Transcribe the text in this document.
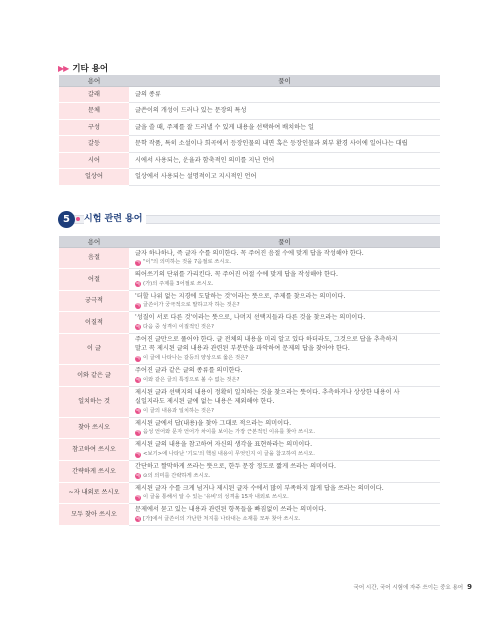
▶▶ 기타 용어
용어	풀이
갈래	글의 종류
문체	글쓴이의 개성이 드러나 있는 문장의 특성
구성	글을 쓸 때, 주제를 잘 드러낼 수 있게 내용을 선택하여 배치하는 일
갈등	문학 작품, 특히 소설이나 희곡에서 등장인물의 내면 혹은 등장인물과 외부 환경 사이에 일어나는 대립
시어	시에서 사용되는, 운율과 함축적인 의미를 지닌 언어
일상어	일상에서 사용되는 설명적이고 지시적인 언어
5	시험 관련 용어
용어	풀이
음절	글자 하나하나, 즉 글자 수를 의미한다. 꼭 주어진 음절 수에 맞게 답을 작성해야 한다.
예 "이"의 의미하는 것을 7음절로 쓰시오.

어절	띄어쓰기의 단위를 가리킨다. 꼭 주어진 어절 수에 맞게 답을 작성해야 한다.
예 (가)의 주제를 3어절로 쓰시오.

궁극적	'더할 나위 없는 지경에 도달하는 것'이라는 뜻으로, 주제를 찾으라는 의미이다.
예 글쓴이가 궁극적으로 말하고자 하는 것은?

이질적	'성질이 서로 다른 것'이라는 뜻으로, 나머지 선택지들과 다른 것을 찾으라는 의미이다.
예 다음 중 성격이 이질적인 것은?

이 글	주어진 글만으로 풀어야 한다. 글 전체의 내용을 미리 알고 있다 하더라도, 그것으로 답을 추측하지
말고 꼭 제시된 글의 내용과 관련된 부분만을 파악하여 문제의 답을 찾아야 한다.
예 이 글에 나타나는 갈등의 양상으로 옳은 것은?

이와 같은 글	주어진 글과 같은 글의 종류를 의미한다.
예 이와 같은 글의 특징으로 볼 수 없는 것은?

일치하는 것	제시된 글과 선택지의 내용이 정확히 일치하는 것을 찾으라는 뜻이다. 추측하거나 상상한 내용이 사
실일지라도 제시된 글에 없는 내용은 제외해야 한다.
예 이 글의 내용과 일치하는 것은?

찾아 쓰시오	제시된 글에서 답(내용)을 찾아 그대로 적으라는 의미이다.
예 음성 언어와 문자 언어가 차이를 보이는 가장 근본적인 이유를 찾아 쓰시오.

참고하여 쓰시오	제시된 글의 내용을 참고하여 자신의 생각을 표현하라는 의미이다.
예 <보기>에 나타난 '기도'의 핵심 내용이 무엇인지 이 글을 참고하여 쓰시오.

간략하게 쓰시오	간단하고 짤막하게 쓰라는 뜻으로, 한두 문장 정도로 짧게 쓰라는 의미이다.
예 ⊙의 의미를 간략하게 쓰시오.

~자 내외로 쓰시오	제시된 글자 수를 크게 넘거나 제시된 글자 수에서 많이 부족하지 않게 답을 쓰라는 의미이다.
예 이 글을 통해서 알 수 있는 '유비'의 성격을 15자 내외로 쓰시오.

모두 찾아 쓰시오	문제에서 묻고 있는 내용과 관련된 항목들을 빠짐없이 쓰라는 의미이다.
예 [가]에서 글쓴이의 가난한 처지를 나타내는 소재를 모두 찾아 쓰시오.
국어 시간, 국어 시험에 자주 쓰이는 중요 용어 9
